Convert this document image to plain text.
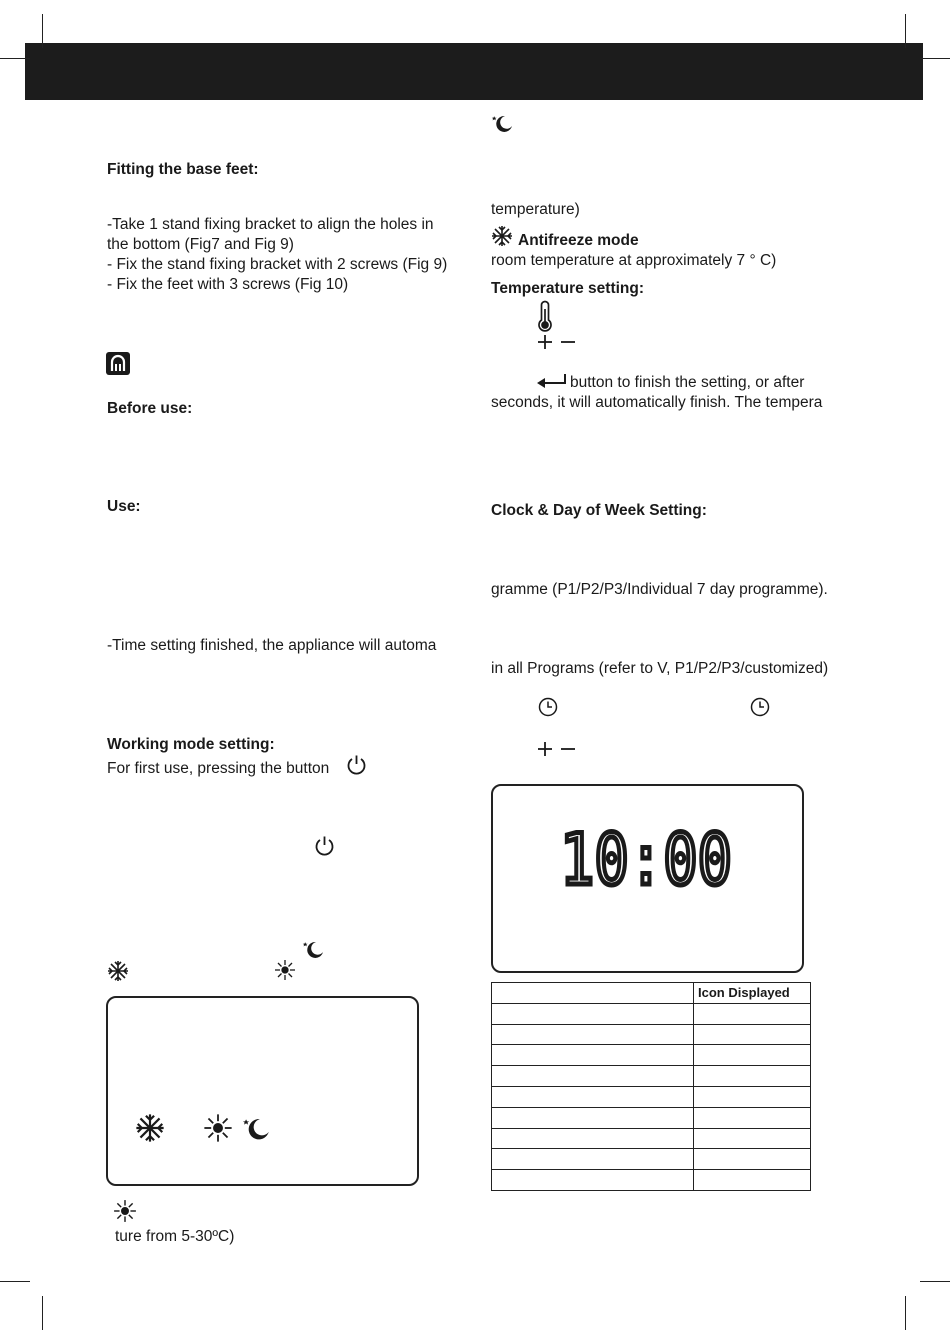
Fitting the base feet:
-Take 1 stand fixing bracket to align the holes in
the bottom (Fig7 and Fig 9)
- Fix the stand fixing bracket with 2 screws (Fig 9)
- Fix the feet with 3 screws (Fig 10)
Before use:
Use:
-Time setting finished, the appliance will automa
Working mode setting:
For first use, pressing the button
ture from 5-30ºC)
temperature)
Antifreeze mode
room temperature at approximately 7 ° C)
Temperature setting:
button to finish the setting, or after
seconds, it will automatically finish. The tempera
Clock & Day of Week Setting:
gramme (P1/P2/P3/Individual 7 day programme).
in all Programs (refer to V, P1/P2/P3/customized)
10:00
	Icon Displayed
